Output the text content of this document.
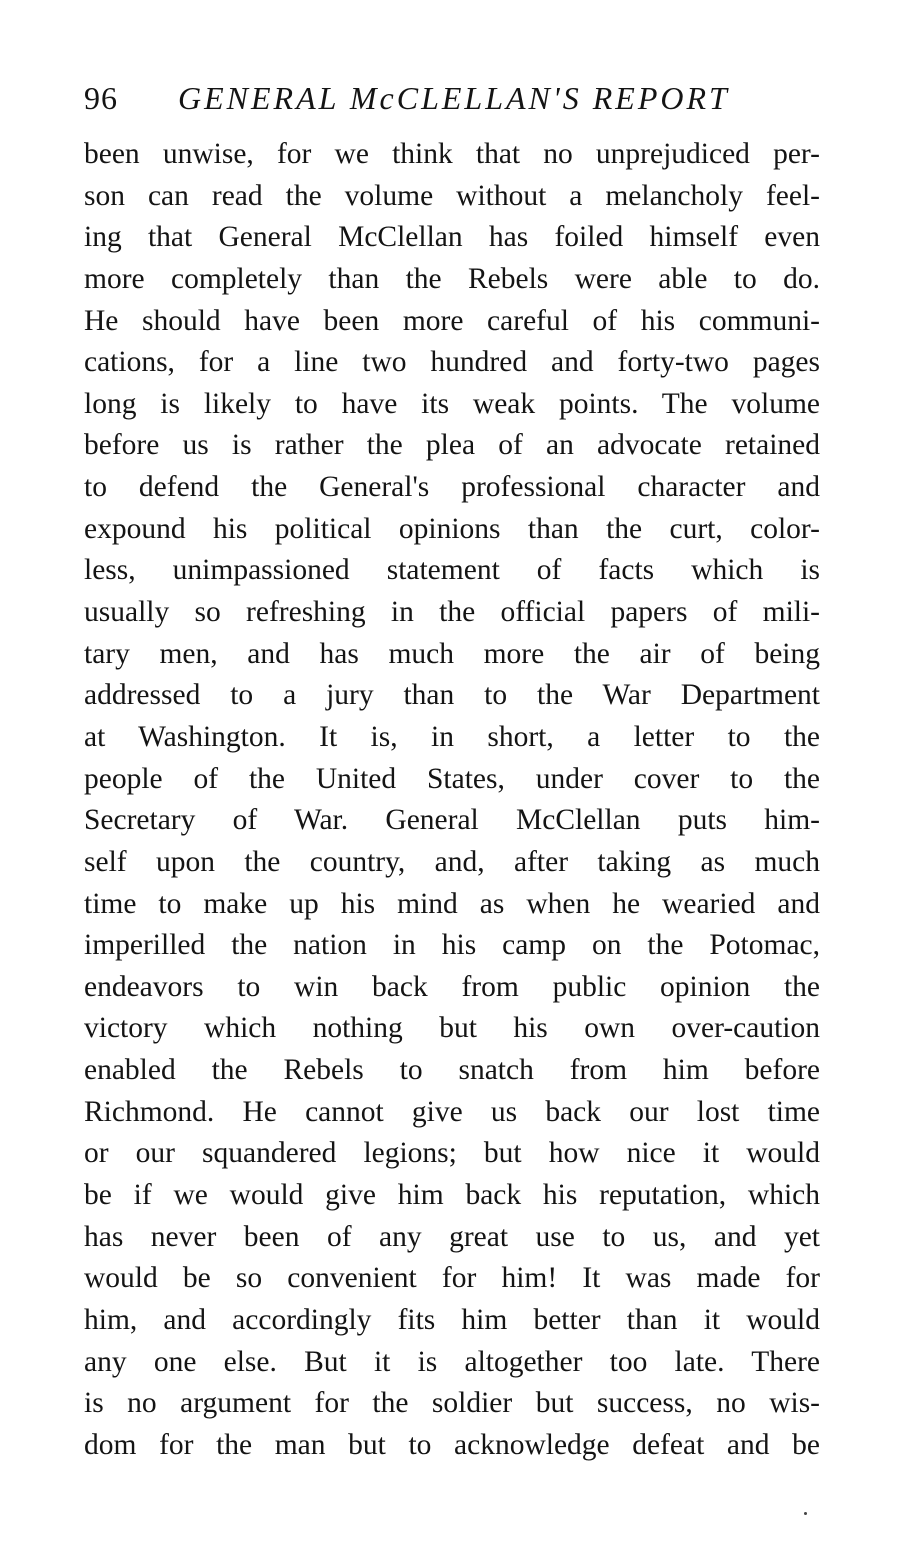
96 GENERAL McCLELLAN'S REPORT
been unwise, for we think that no unprejudiced per-
son can read the volume without a melancholy feel-
ing that General McClellan has foiled himself even
more completely than the Rebels were able to do.
He should have been more careful of his communi-
cations, for a line two hundred and forty-two pages
long is likely to have its weak points. The volume
before us is rather the plea of an advocate retained
to defend the General's professional character and
expound his political opinions than the curt, color-
less, unimpassioned statement of facts which is
usually so refreshing in the official papers of mili-
tary men, and has much more the air of being
addressed to a jury than to the War Department
at Washington. It is, in short, a letter to the
people of the United States, under cover to the
Secretary of War. General McClellan puts him-
self upon the country, and, after taking as much
time to make up his mind as when he wearied and
imperilled the nation in his camp on the Potomac,
endeavors to win back from public opinion the
victory which nothing but his own over-caution
enabled the Rebels to snatch from him before
Richmond. He cannot give us back our lost time
or our squandered legions; but how nice it would
be if we would give him back his reputation, which
has never been of any great use to us, and yet
would be so convenient for him! It was made for
him, and accordingly fits him better than it would
any one else. But it is altogether too late. There
is no argument for the soldier but success, no wis-
dom for the man but to acknowledge defeat and be
